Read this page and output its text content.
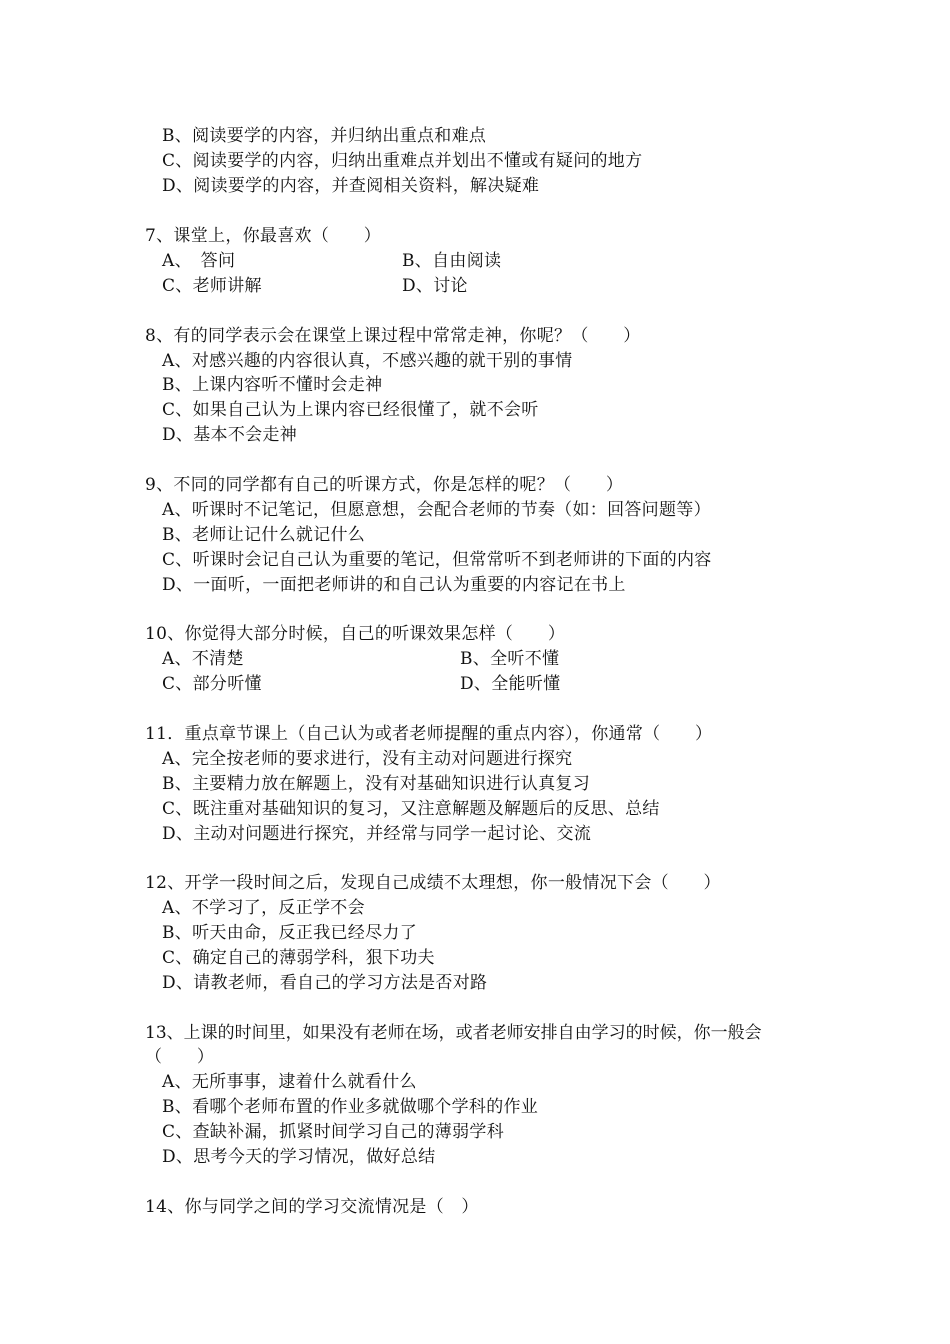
B、阅读要学的内容，并归纳出重点和难点
C、阅读要学的内容，归纳出重难点并划出不懂或有疑问的地方
D、阅读要学的内容，并查阅相关资料，解决疑难
7、课堂上，你最喜欢（　　）
A、　答问	B、自由阅读
C、老师讲解	D、讨论
8、有的同学表示会在课堂上课过程中常常走神，你呢？（　　）
A、对感兴趣的内容很认真，不感兴趣的就干别的事情
B、上课内容听不懂时会走神
C、如果自己认为上课内容已经很懂了，就不会听
D、基本不会走神
9、不同的同学都有自己的听课方式，你是怎样的呢？（　　）
A、听课时不记笔记，但愿意想，会配合老师的节奏（如：回答问题等）
B、老师让记什么就记什么
C、听课时会记自己认为重要的笔记，但常常听不到老师讲的下面的内容
D、一面听，一面把老师讲的和自己认为重要的内容记在书上
10、你觉得大部分时候，自己的听课效果怎样（　　）
A、不清楚	B、全听不懂
C、部分听懂	D、全能听懂
11．重点章节课上（自己认为或者老师提醒的重点内容），你通常（　　）
A、完全按老师的要求进行，没有主动对问题进行探究
B、主要精力放在解题上，没有对基础知识进行认真复习
C、既注重对基础知识的复习，又注意解题及解题后的反思、总结
D、主动对问题进行探究，并经常与同学一起讨论、交流
12、开学一段时间之后，发现自己成绩不太理想，你一般情况下会（　　）
A、不学习了，反正学不会
B、听天由命，反正我已经尽力了
C、确定自己的薄弱学科，狠下功夫
D、请教老师，看自己的学习方法是否对路
13、上课的时间里，如果没有老师在场，或者老师安排自由学习的时候，你一般会
（　　）
A、无所事事，逮着什么就看什么
B、看哪个老师布置的作业多就做哪个学科的作业
C、查缺补漏，抓紧时间学习自己的薄弱学科
D、思考今天的学习情况，做好总结
14、你与同学之间的学习交流情况是（　）
